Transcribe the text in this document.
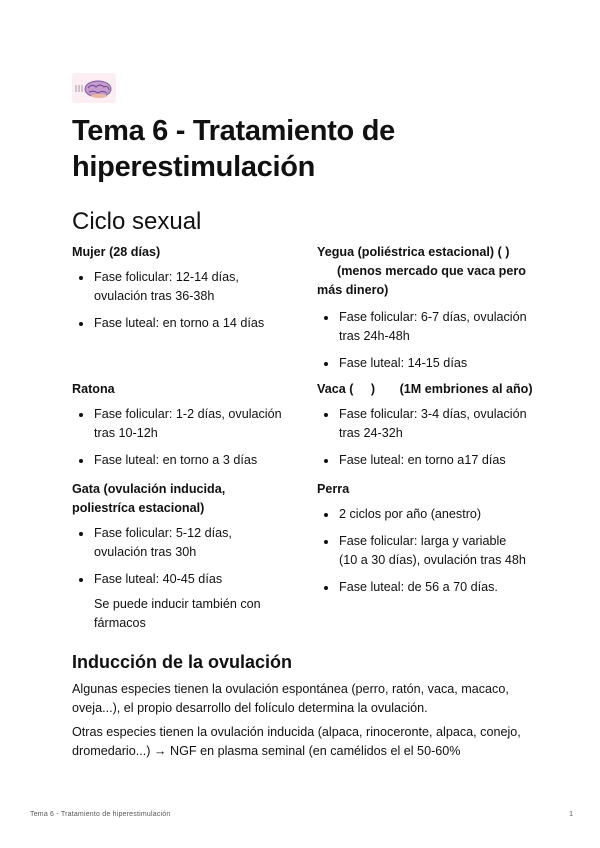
Tema 6 - Tratamiento de hiperestimulación
Ciclo sexual
Mujer (28 días)
Fase folicular: 12-14 días, ovulación tras 36-38h
Fase luteal: en torno a 14 días
Yegua (poliéstrica estacional) ( )
(menos mercado que vaca pero
más dinero)
Fase folicular: 6-7 días, ovulación tras 24h-48h
Fase luteal: 14-15 días
Ratona
Fase folicular: 1-2 días, ovulación tras 10-12h
Fase luteal: en torno a 3 días
Vaca (     )       (1M embriones al año)
Fase folicular: 3-4 días, ovulación tras 24-32h
Fase luteal: en torno a17 días
Gata (ovulación inducida, poliestríca estacional)
Fase folicular: 5-12 días, ovulación tras 30h
Fase luteal: 40-45 días
Se puede inducir también con fármacos
Perra
2 ciclos por año (anestro)
Fase folicular: larga y variable (10 a 30 días), ovulación tras 48h
Fase luteal: de 56 a 70 días.
Inducción de la ovulación
Algunas especies tienen la ovulación espontánea (perro, ratón, vaca, macaco, oveja...), el propio desarrollo del folículo determina la ovulación.
Otras especies tienen la ovulación inducida (alpaca, rinoceronte, alpaca, conejo, dromedario...) → NGF en plasma seminal (en camélidos el el 50-60%
Tema 6 - Tratamiento de hiperestimulación	1
